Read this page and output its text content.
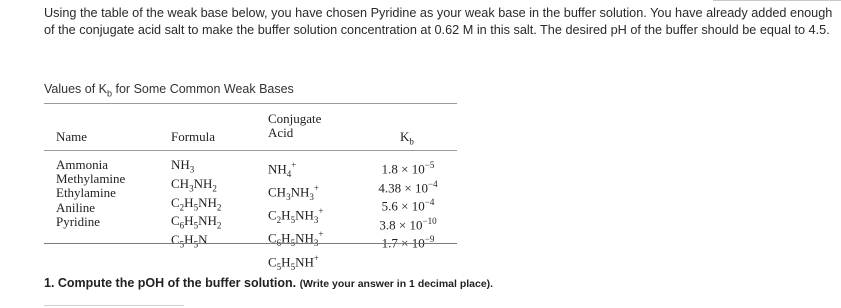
Using the table of the weak base below, you have chosen Pyridine as your weak base in the buffer solution. You have already added enough of the conjugate acid salt to make the buffer solution concentration at 0.62 M in this salt. The desired pH of the buffer should be equal to 4.5.

Values of $K_b$ for Some Common Weak Bases
Name	Formula
Conjugate
Acid	$K_b$
Ammonia
Methylamine
Ethylamine
Aniline
Pyridine
$NH_3$
$CH_3NH_2$
$C_2H_5NH_2$
$C_6H_5NH_2$
$C_5H_5N$
$NH_4^+$
$CH_3NH_3^+$
$C_2H_5NH_3^+$
$C_6H_5NH_3^+$
$C_5H_5NH^+$
$1.8 \times 10^{-5}$
$4.38 \times 10^{-4}$
$5.6 \times 10^{-4}$
$3.8 \times 10^{-10}$
$1.7 \times 10^{-9}$
1. Compute the pOH of the buffer solution. (Write your answer in 1 decimal place).
